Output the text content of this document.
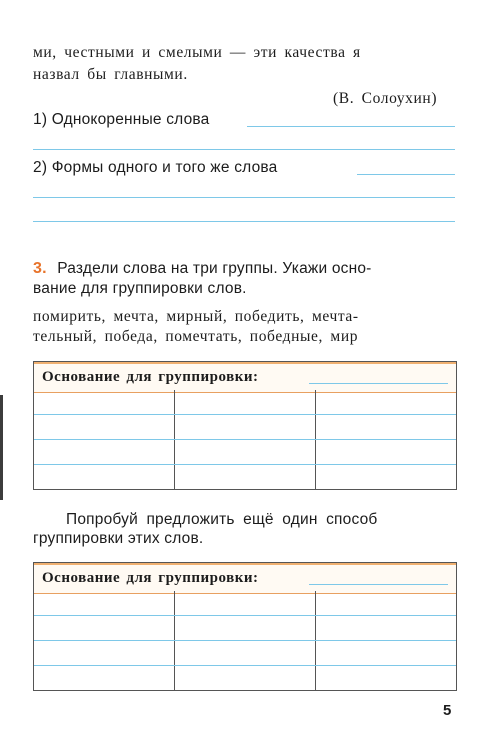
ми, честными и смелыми — эти качества я
назвал бы главными.
(В. Солоухин)
1) Однокоренные слова
2) Формы одного и того же слова
3. Раздели слова на три группы. Укажи осно-
вание для группировки слов.
помирить, мечта, мирный, победить, мечта-
тельный, победа, помечтать, победные, мир
Основание для группировки:
Попробуй предложить ещё один способ
группировки этих слов.
Основание для группировки:
5
